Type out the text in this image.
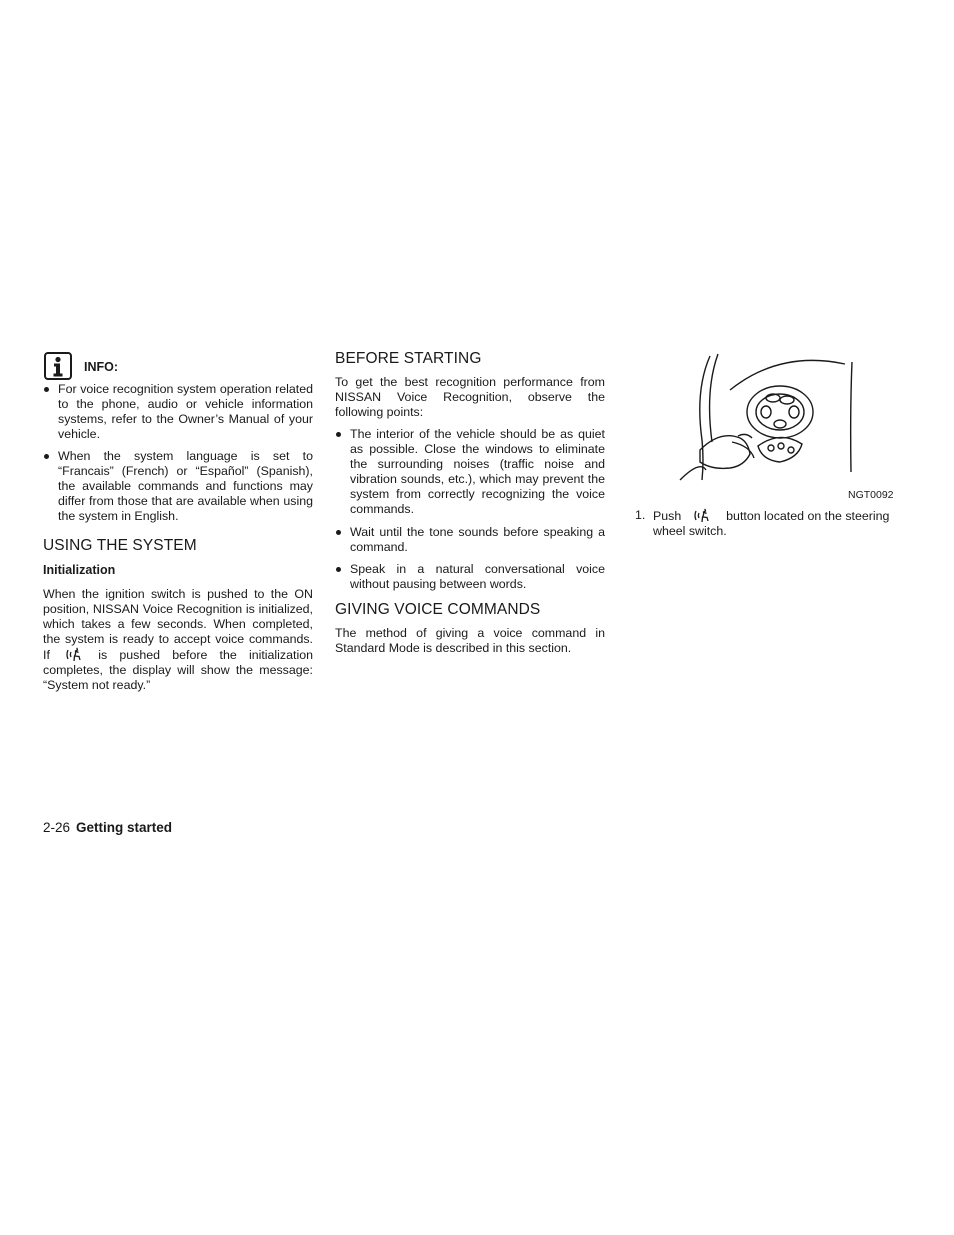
INFO:
For voice recognition system operation related to the phone, audio or vehicle information systems, refer to the Owner’s Manual of your vehicle.
When the system language is set to “Francais” (French) or “Español” (Spanish), the available commands and functions may differ from those that are available when using the system in English.
USING THE SYSTEM
Initialization

When the ignition switch is pushed to the ON position, NISSAN Voice Recognition is initialized, which takes a few seconds. When completed, the system is ready to accept voice commands. If	is pushed before the initialization completes, the display will show the message: “System not ready.”

BEFORE STARTING

To get the best recognition performance from NISSAN Voice Recognition, observe the following points:

The interior of the vehicle should be as quiet as possible. Close the windows to eliminate the surrounding noises (traffic noise and vibration sounds, etc.), which may prevent the system from correctly recognizing the voice commands.
Wait until the tone sounds before speaking a command.
Speak in a natural conversational voice without pausing between words.
GIVING VOICE COMMANDS

The method of giving a voice command in Standard Mode is described in this section.

NGT0092
1. Push	button located on the steering wheel switch.
2-26 Getting started
